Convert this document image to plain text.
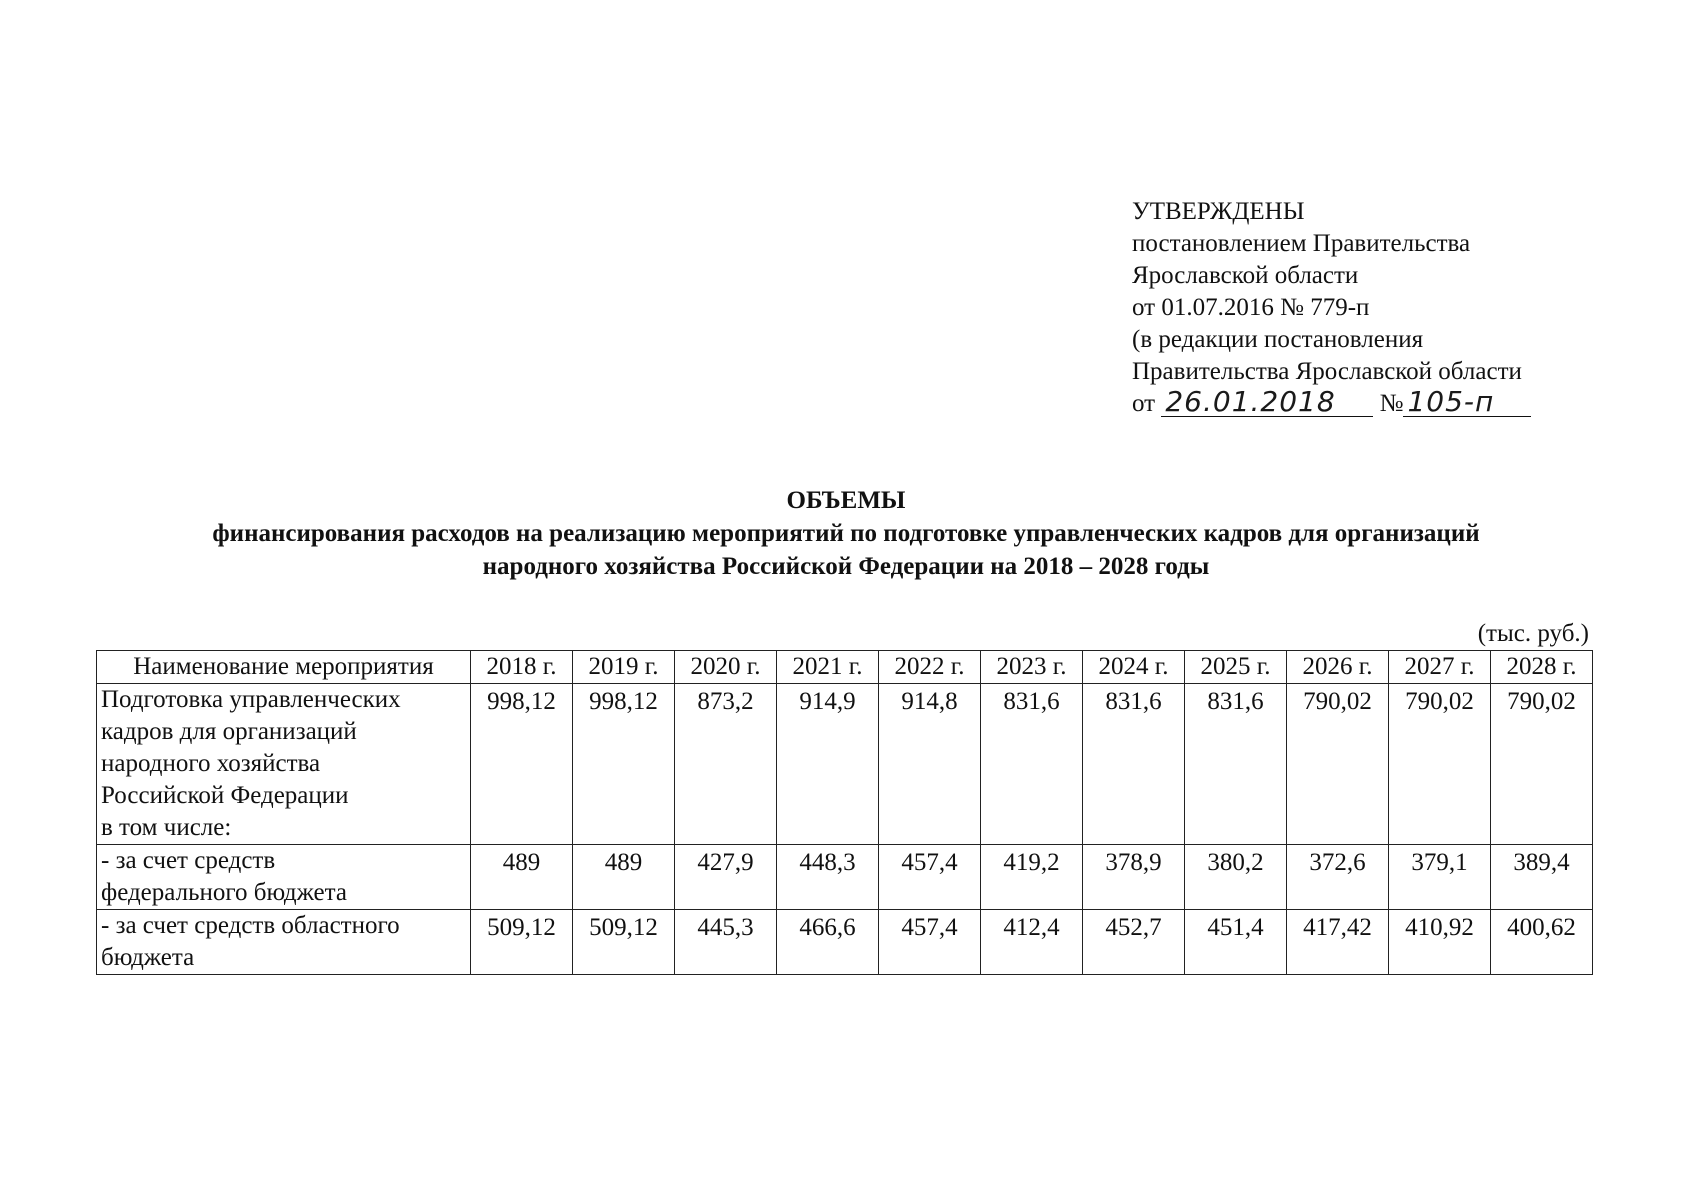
УТВЕРЖДЕНЫ
постановлением Правительства
Ярославской области
от 01.07.2016 № 779-п
(в редакции постановления
Правительства Ярославской области
от 26.01.2018 № 105-п
ОБЪЕМЫ
финансирования расходов на реализацию мероприятий по подготовке управленческих кадров для организаций
народного хозяйства Российской Федерации на 2018 – 2028 годы
(тыс. руб.)
Наименование мероприятия	2018 г.	2019 г.	2020 г.	2021 г.	2022 г.	2023 г.	2024 г.	2025 г.	2026 г.	2027 г.	2028 г.

Подготовка управленческих
кадров для организаций
народного хозяйства
Российской Федерации
в том числе:	998,12	998,12	873,2	914,9	914,8	831,6	831,6	831,6	790,02	790,02	790,02

- за счет средств
федерального бюджета	489	489	427,9	448,3	457,4	419,2	378,9	380,2	372,6	379,1	389,4

- за счет средств областного
бюджета	509,12	509,12	445,3	466,6	457,4	412,4	452,7	451,4	417,42	410,92	400,62
